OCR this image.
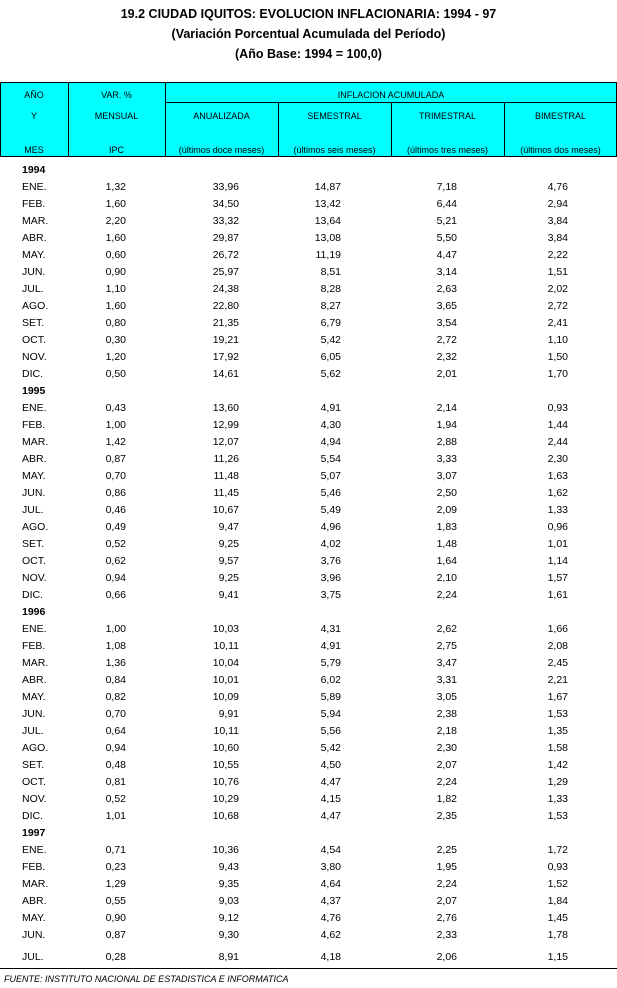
19.2 CIUDAD IQUITOS: EVOLUCION INFLACIONARIA: 1994 - 97
(Variación Porcentual Acumulada del Período)
(Año Base: 1994 = 100,0)
AÑO
Y
MES
VAR. %
MENSUAL
IPC
INFLACION ACUMULADA
ANUALIZADA	SEMESTRAL	TRIMESTRAL	BIMESTRAL
(últimos doce meses)	(últimos seis meses)	(últimos tres meses)	(últimos dos meses)
1994
ENE.	1,32	33,96	14,87	7,18	4,76
FEB.	1,60	34,50	13,42	6,44	2,94
MAR.	2,20	33,32	13,64	5,21	3,84
ABR.	1,60	29,87	13,08	5,50	3,84
MAY.	0,60	26,72	11,19	4,47	2,22
JUN.	0,90	25,97	8,51	3,14	1,51
JUL.	1,10	24,38	8,28	2,63	2,02
AGO.	1,60	22,80	8,27	3,65	2,72
SET.	0,80	21,35	6,79	3,54	2,41
OCT.	0,30	19,21	5,42	2,72	1,10
NOV.	1,20	17,92	6,05	2,32	1,50
DIC.	0,50	14,61	5,62	2,01	1,70
1995
ENE.	0,43	13,60	4,91	2,14	0,93
FEB.	1,00	12,99	4,30	1,94	1,44
MAR.	1,42	12,07	4,94	2,88	2,44
ABR.	0,87	11,26	5,54	3,33	2,30
MAY.	0,70	11,48	5,07	3,07	1,63
JUN.	0,86	11,45	5,46	2,50	1,62
JUL.	0,46	10,67	5,49	2,09	1,33
AGO.	0,49	9,47	4,96	1,83	0,96
SET.	0,52	9,25	4,02	1,48	1,01
OCT.	0,62	9,57	3,76	1,64	1,14
NOV.	0,94	9,25	3,96	2,10	1,57
DIC.	0,66	9,41	3,75	2,24	1,61
1996
ENE.	1,00	10,03	4,31	2,62	1,66
FEB.	1,08	10,11	4,91	2,75	2,08
MAR.	1,36	10,04	5,79	3,47	2,45
ABR.	0,84	10,01	6,02	3,31	2,21
MAY.	0,82	10,09	5,89	3,05	1,67
JUN.	0,70	9,91	5,94	2,38	1,53
JUL.	0,64	10,11	5,56	2,18	1,35
AGO.	0,94	10,60	5,42	2,30	1,58
SET.	0,48	10,55	4,50	2,07	1,42
OCT.	0,81	10,76	4,47	2,24	1,29
NOV.	0,52	10,29	4,15	1,82	1,33
DIC.	1,01	10,68	4,47	2,35	1,53
1997
ENE.	0,71	10,36	4,54	2,25	1,72
FEB.	0,23	9,43	3,80	1,95	0,93
MAR.	1,29	9,35	4,64	2,24	1,52
ABR.	0,55	9,03	4,37	2,07	1,84
MAY.	0,90	9,12	4,76	2,76	1,45
JUN.	0,87	9,30	4,62	2,33	1,78
JUL.	0,28	8,91	4,18	2,06	1,15
FUENTE: INSTITUTO NACIONAL DE ESTADISTICA E INFORMATICA
